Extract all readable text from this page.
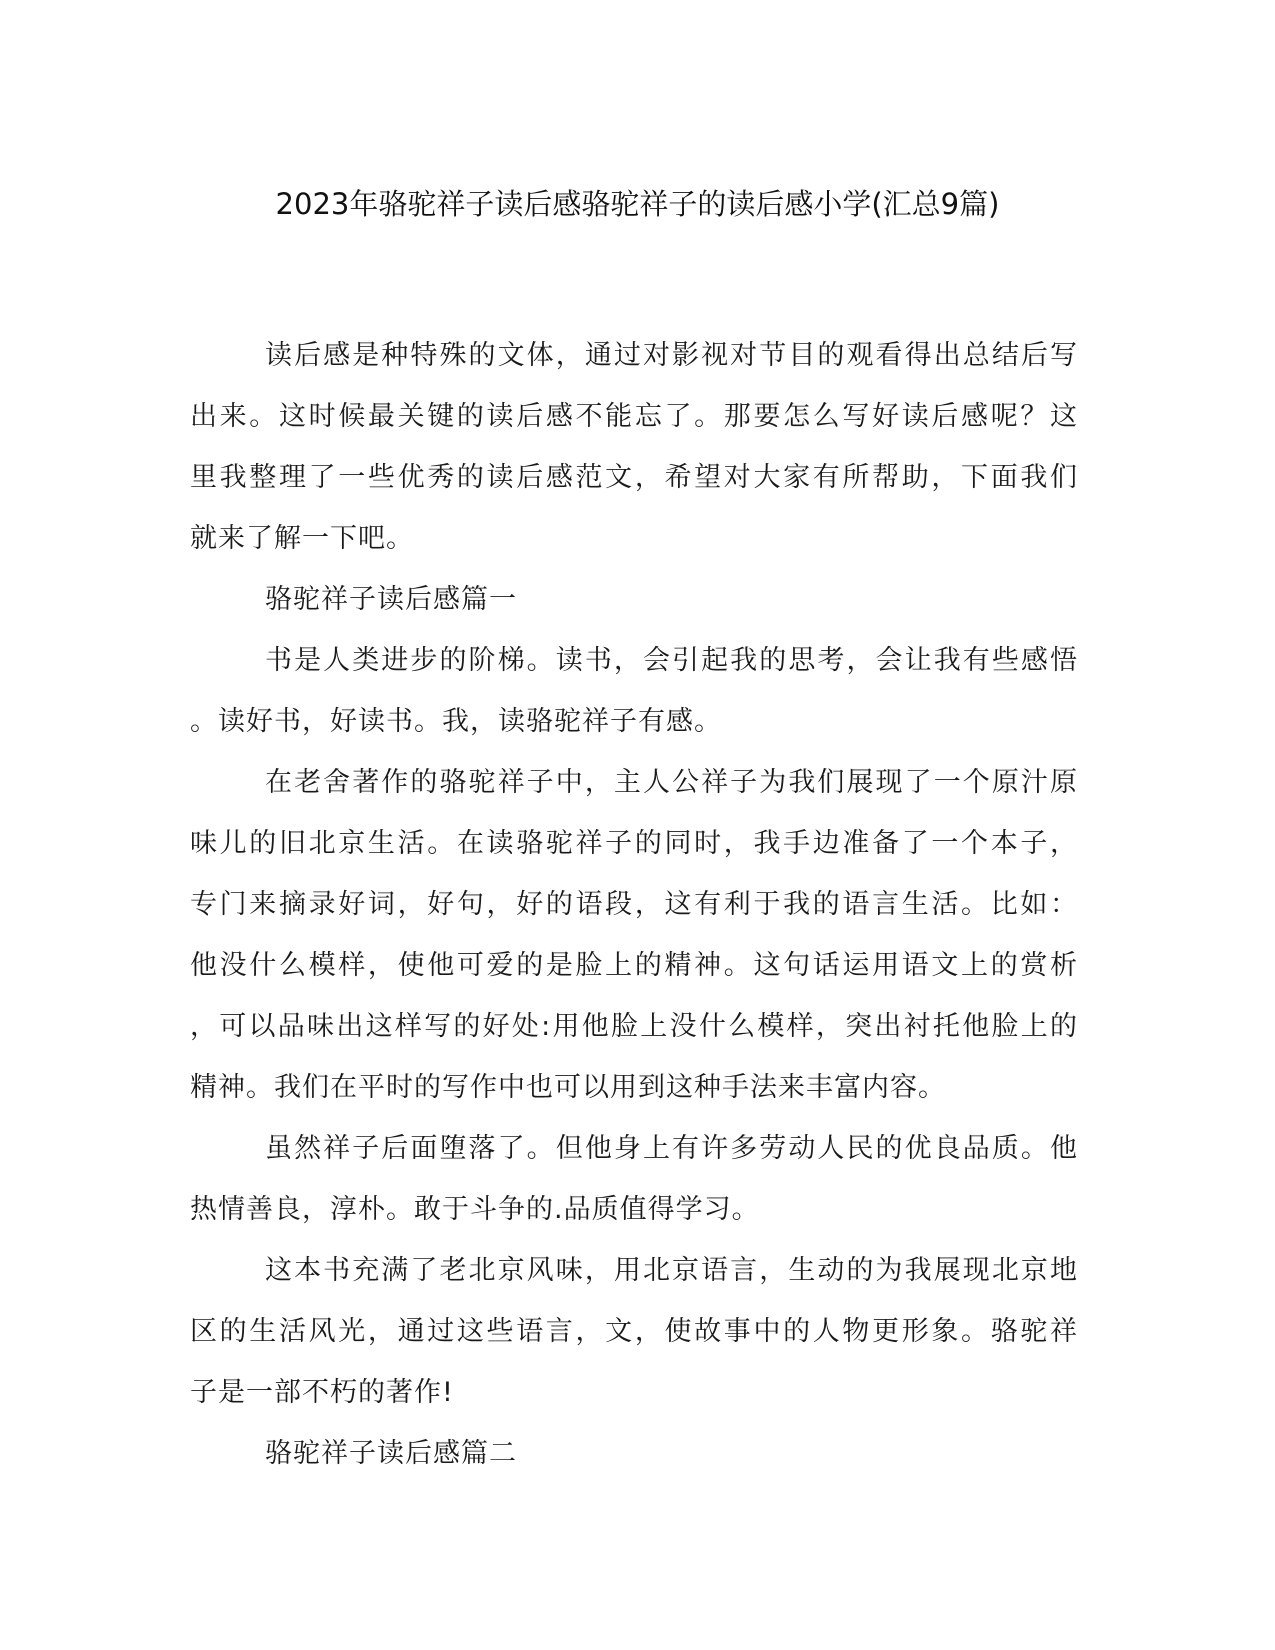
2023年骆驼祥子读后感骆驼祥子的读后感小学(汇总9篇)

读后感是种特殊的文体，通过对影视对节目的观看得出总结后写

出来。这时候最关键的读后感不能忘了。那要怎么写好读后感呢？这

里我整理了一些优秀的读后感范文，希望对大家有所帮助，下面我们

就来了解一下吧。

骆驼祥子读后感篇一

书是人类进步的阶梯。读书，会引起我的思考，会让我有些感悟

。读好书，好读书。我，读骆驼祥子有感。

在老舍著作的骆驼祥子中，主人公祥子为我们展现了一个原汁原

味儿的旧北京生活。在读骆驼祥子的同时，我手边准备了一个本子，

专门来摘录好词，好句，好的语段，这有利于我的语言生活。比如：

他没什么模样，使他可爱的是脸上的精神。这句话运用语文上的赏析

，可以品味出这样写的好处:用他脸上没什么模样，突出衬托他脸上的

精神。我们在平时的写作中也可以用到这种手法来丰富内容。

虽然祥子后面堕落了。但他身上有许多劳动人民的优良品质。他

热情善良，淳朴。敢于斗争的.品质值得学习。

这本书充满了老北京风味，用北京语言，生动的为我展现北京地

区的生活风光，通过这些语言，文，使故事中的人物更形象。骆驼祥

子是一部不朽的著作!

骆驼祥子读后感篇二
